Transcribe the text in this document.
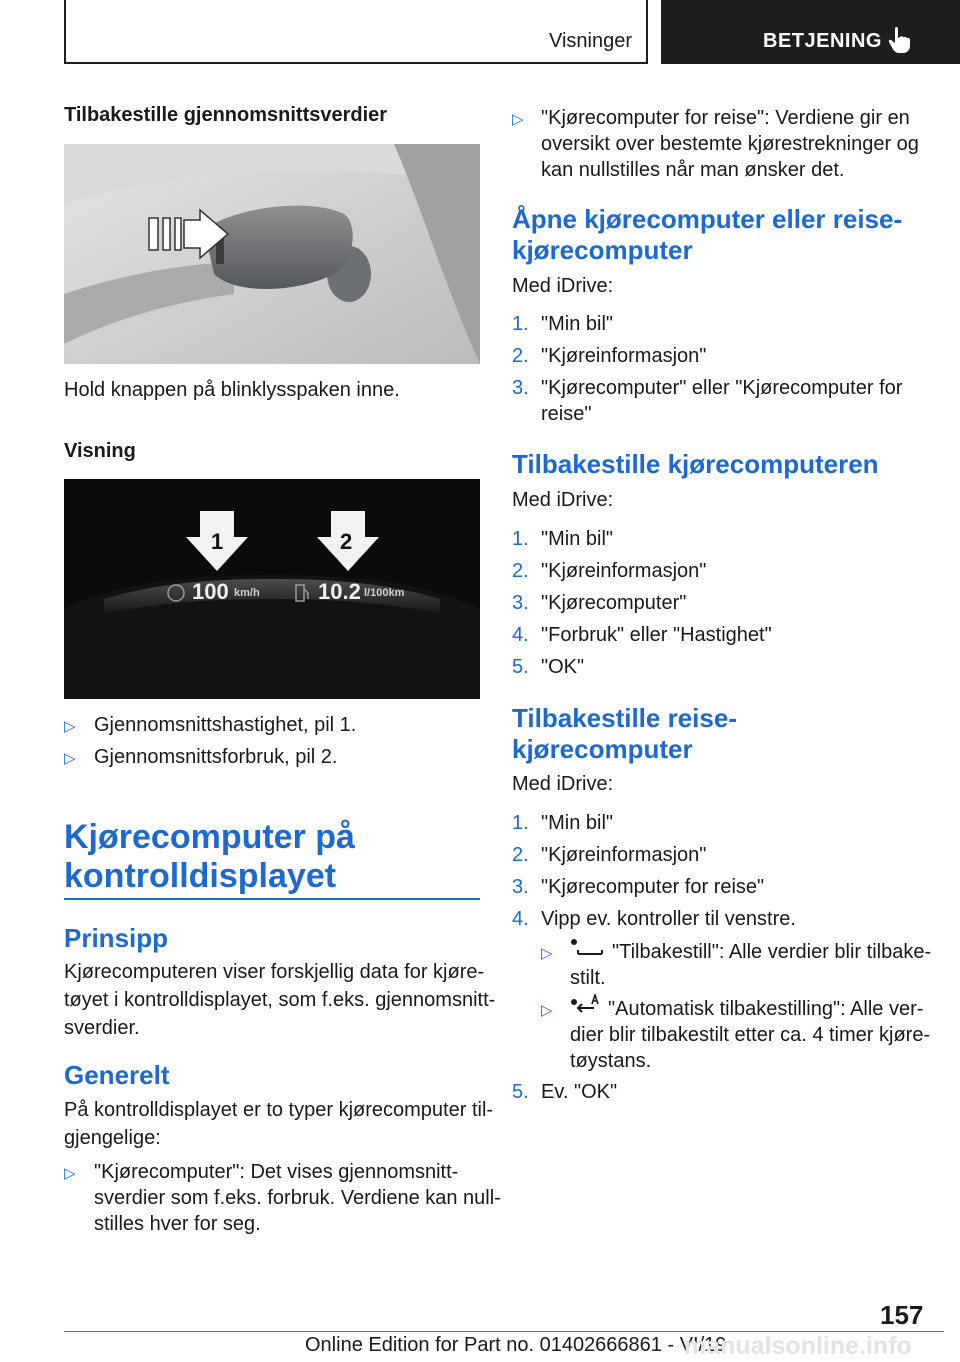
Visninger	BETJENING
Tilbakestille gjennomsnittsverdier
Hold knappen på blinklysspaken inne.
Visning
1	2
100 km/h	10.2 l/100km
▷ Gjennomsnittshastighet, pil 1.
▷ Gjennomsnittsforbruk, pil 2.
Kjørecomputer på
kontrolldisplayet
Prinsipp
Kjørecomputeren viser forskjellig data for kjøre-
tøyet i kontrolldisplayet, som f.eks. gjennomsnitt-
sverdier.
Generelt
På kontrolldisplayet er to typer kjørecomputer til-
gjengelige:
▷ "Kjørecomputer": Det vises gjennomsnitt-
sverdier som f.eks. forbruk. Verdiene kan null-
stilles hver for seg.
▷ "Kjørecomputer for reise": Verdiene gir en
oversikt over bestemte kjørestrekninger og
kan nullstilles når man ønsker det.
Åpne kjørecomputer eller reise-
kjørecomputer
Med iDrive:
1. "Min bil"
2. "Kjøreinformasjon"
3. "Kjørecomputer" eller "Kjørecomputer for
reise"
Tilbakestille kjørecomputeren
Med iDrive:
1. "Min bil"
2. "Kjøreinformasjon"
3. "Kjørecomputer"
4. "Forbruk" eller "Hastighet"
5. "OK"
Tilbakestille reise-
kjørecomputer
Med iDrive:
1. "Min bil"
2. "Kjøreinformasjon"
3. "Kjørecomputer for reise"
4. Vipp ev. kontroller til venstre.
▷	"Tilbakestill": Alle verdier blir tilbake-
stilt.
▷	"Automatisk tilbakestilling": Alle ver-
dier blir tilbakestilt etter ca. 4 timer kjøre-
tøystans.
5. Ev. "OK"
157
Online Edition for Part no. 01402666861 - VI/19
manualsonline.info
